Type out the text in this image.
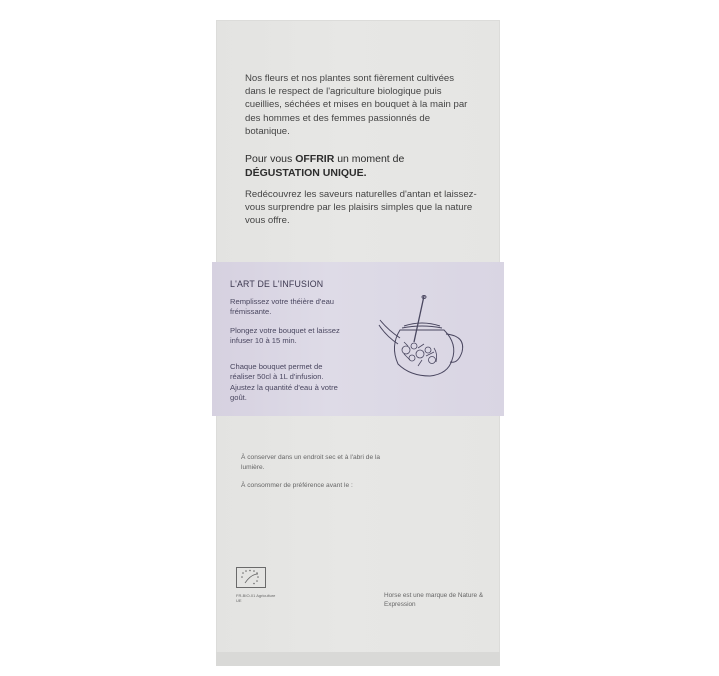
Nos fleurs et nos plantes sont fièrement cultivées dans le respect de l'agriculture biologique puis cueillies, séchées et mises en bouquet à la main par des hommes et des femmes passionnés de botanique.

Pour vous OFFRIR un moment de
DÉGUSTATION UNIQUE.

Redécouvrez les saveurs naturelles d'antan et laissez-vous surprendre par les plaisirs simples que la nature vous offre.

L'ART DE L'INFUSION

Remplissez votre théière d'eau frémissante.

Plongez votre bouquet et laissez infuser 10 à 15 min.

Chaque bouquet permet de réaliser 50cl à 1L d'infusion. Ajustez la quantité d'eau à votre goût.

À conserver dans un endroit sec et à l'abri de la lumière.

À consommer de préférence avant le :

FR-BIO-01 Agriculture UE

Horse est une marque de Nature & Expression
